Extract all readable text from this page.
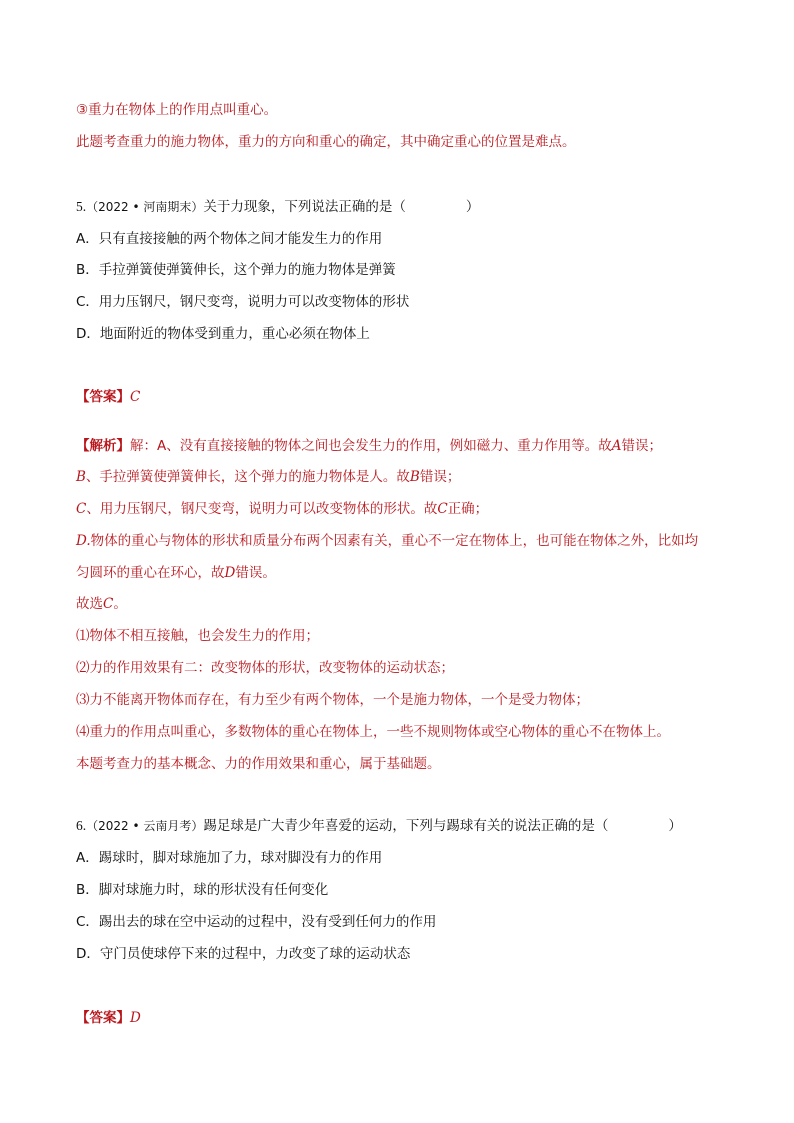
③重力在物体上的作用点叫重心。
此题考查重力的施力物体，重力的方向和重心的确定，其中确定重心的位置是难点。
5.（2022 • 河南期末）关于力现象，下列说法正确的是（	）
A．只有直接接触的两个物体之间才能发生力的作用
B．手拉弹簧使弹簧伸长，这个弹力的施力物体是弹簧
C．用力压钢尺，钢尺变弯，说明力可以改变物体的形状
D．地面附近的物体受到重力，重心必须在物体上
【答案】C
【解析】解：A、没有直接接触的物体之间也会发生力的作用，例如磁力、重力作用等。故A错误；
B、手拉弹簧使弹簧伸长，这个弹力的施力物体是人。故B错误；
C、用力压钢尺，钢尺变弯，说明力可以改变物体的形状。故C正确；
D.物体的重心与物体的形状和质量分布两个因素有关，重心不一定在物体上，也可能在物体之外，比如均
匀圆环的重心在环心，故D错误。
故选C。
⑴物体不相互接触，也会发生力的作用；
⑵力的作用效果有二：改变物体的形状，改变物体的运动状态；
⑶力不能离开物体而存在，有力至少有两个物体，一个是施力物体，一个是受力物体；
⑷重力的作用点叫重心，多数物体的重心在物体上，一些不规则物体或空心物体的重心不在物体上。
本题考查力的基本概念、力的作用效果和重心，属于基础题。
6.（2022 • 云南月考）踢足球是广大青少年喜爱的运动，下列与踢球有关的说法正确的是（	）
A．踢球时，脚对球施加了力，球对脚没有力的作用
B．脚对球施力时，球的形状没有任何变化
C．踢出去的球在空中运动的过程中，没有受到任何力的作用
D．守门员使球停下来的过程中，力改变了球的运动状态
【答案】D
